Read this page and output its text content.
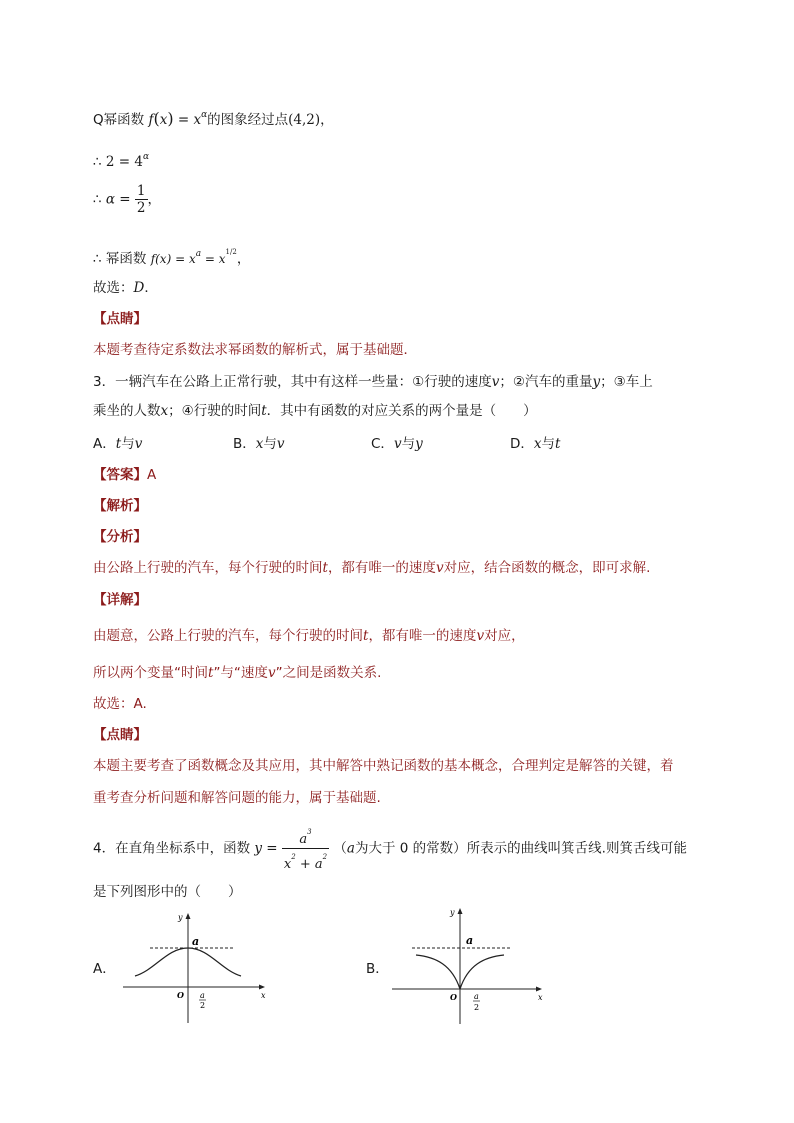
Q幂函数 $f(x) = x^\alpha$的图象经过点(4,2)，
∴ $2 = 4^\alpha$
∴ $\alpha = \frac{1}{2}$ ，
∴ 幂函数 $f(x) = x^a = x^{1/2}$，
故选：D．
【点睛】
本题考查待定系数法求幂函数的解析式，属于基础题．
3．一辆汽车在公路上正常行驶，其中有这样一些量：①行驶的速度v；②汽车的重量y；③车上
乘坐的人数x；④行驶的时间t．其中有函数的对应关系的两个量是（　　）
A．t与v	B．x与v	C．v与y	D．x与t
【答案】A
【解析】
【分析】
由公路上行驶的汽车，每个行驶的时间t，都有唯一的速度v对应，结合函数的概念，即可求解.
【详解】
由题意，公路上行驶的汽车，每个行驶的时间t，都有唯一的速度v对应，
所以两个变量“时间t”与“速度v”之间是函数关系.
故选：A.
【点睛】
本题主要考查了函数概念及其应用，其中解答中熟记函数的基本概念，合理判定是解答的关键，着
重考查分析问题和解答问题的能力，属于基础题.
4．在直角坐标系中，函数 $y = \frac{a^3}{x^2 + a^2} (a$为大于 0 的常数）所表示的曲线叫箕舌线.则箕舌线可能
是下列图形中的（　　）
A．	B．
y
x
O
a
a
2
y
x
O
a
a
2
